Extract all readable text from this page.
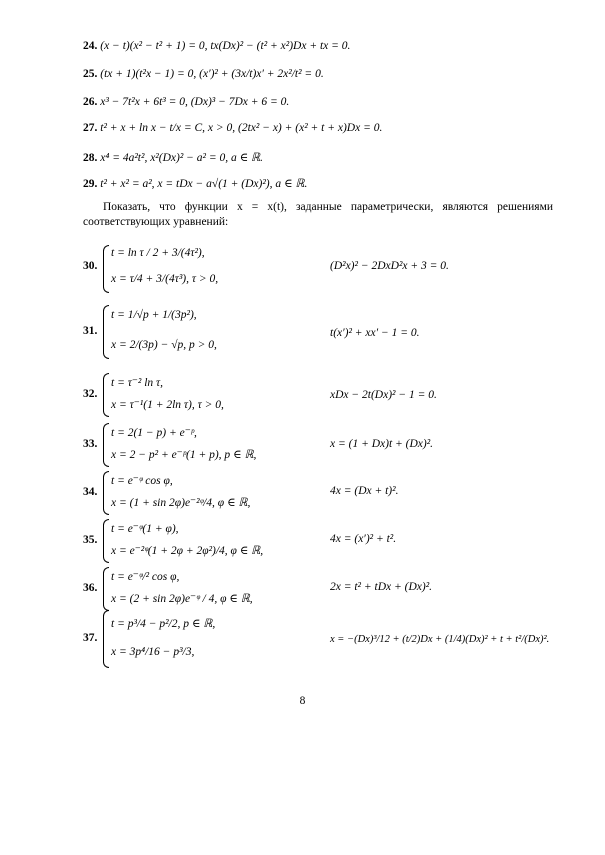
24. (x − t)(x² − t² + 1) = 0, tx(Dx)² − (t² + x²)Dx + tx = 0.
25. (tx + 1)(t²x − 1) = 0, (x′)² + (3x/t)x′ + 2x²/t² = 0.
26. x³ − 7t²x + 6t³ = 0, (Dx)³ − 7Dx + 6 = 0.
27. t² + x + ln x − t/x = C, x > 0, (2tx² − x) + (x² + t + x)Dx = 0.
28. x⁴ = 4a²t², x²(Dx)² − a² = 0, a ∈ ℝ.
29. t² + x² = a², x = tDx − a√(1 + (Dx)²), a ∈ ℝ.
Показать, что функции x = x(t), заданные параметрически, являются решениями соответствующих уравнений:
30.
t = ln τ / 2 + 3/(4τ²),
x = τ/4 + 3/(4τ³), τ > 0,
(D²x)² − 2DxD²x + 3 = 0.
31.
t = 1/√p + 1/(3p²),
x = 2/(3p) − √p, p > 0,
t(x′)² + xx′ − 1 = 0.
32.
t = τ⁻² ln τ,
x = τ⁻¹(1 + 2ln τ), τ > 0,
xDx − 2t(Dx)² − 1 = 0.
33.
t = 2(1 − p) + e⁻ᵖ,
x = 2 − p² + e⁻ᵖ(1 + p), p ∈ ℝ,
x = (1 + Dx)t + (Dx)².
34.
t = e⁻ᵠ cos φ,
x = (1 + sin 2φ)e⁻²ᵠ/4, φ ∈ ℝ,
4x = (Dx + t)².
35.
t = e⁻ᵠ(1 + φ),
x = e⁻²ᵠ(1 + 2φ + 2φ²)/4, φ ∈ ℝ,
4x = (x′)² + t².
36.
t = e⁻ᵠ/² cos φ,
x = (2 + sin 2φ)e⁻ᵠ / 4, φ ∈ ℝ,
2x = t² + tDx + (Dx)².
37.
t = p³/4 − p²/2, p ∈ ℝ,
x = 3p⁴/16 − p³/3,
x = −(Dx)³/12 + (t/2)Dx + (1/4)(Dx)² + t + t²/(Dx)².
8
